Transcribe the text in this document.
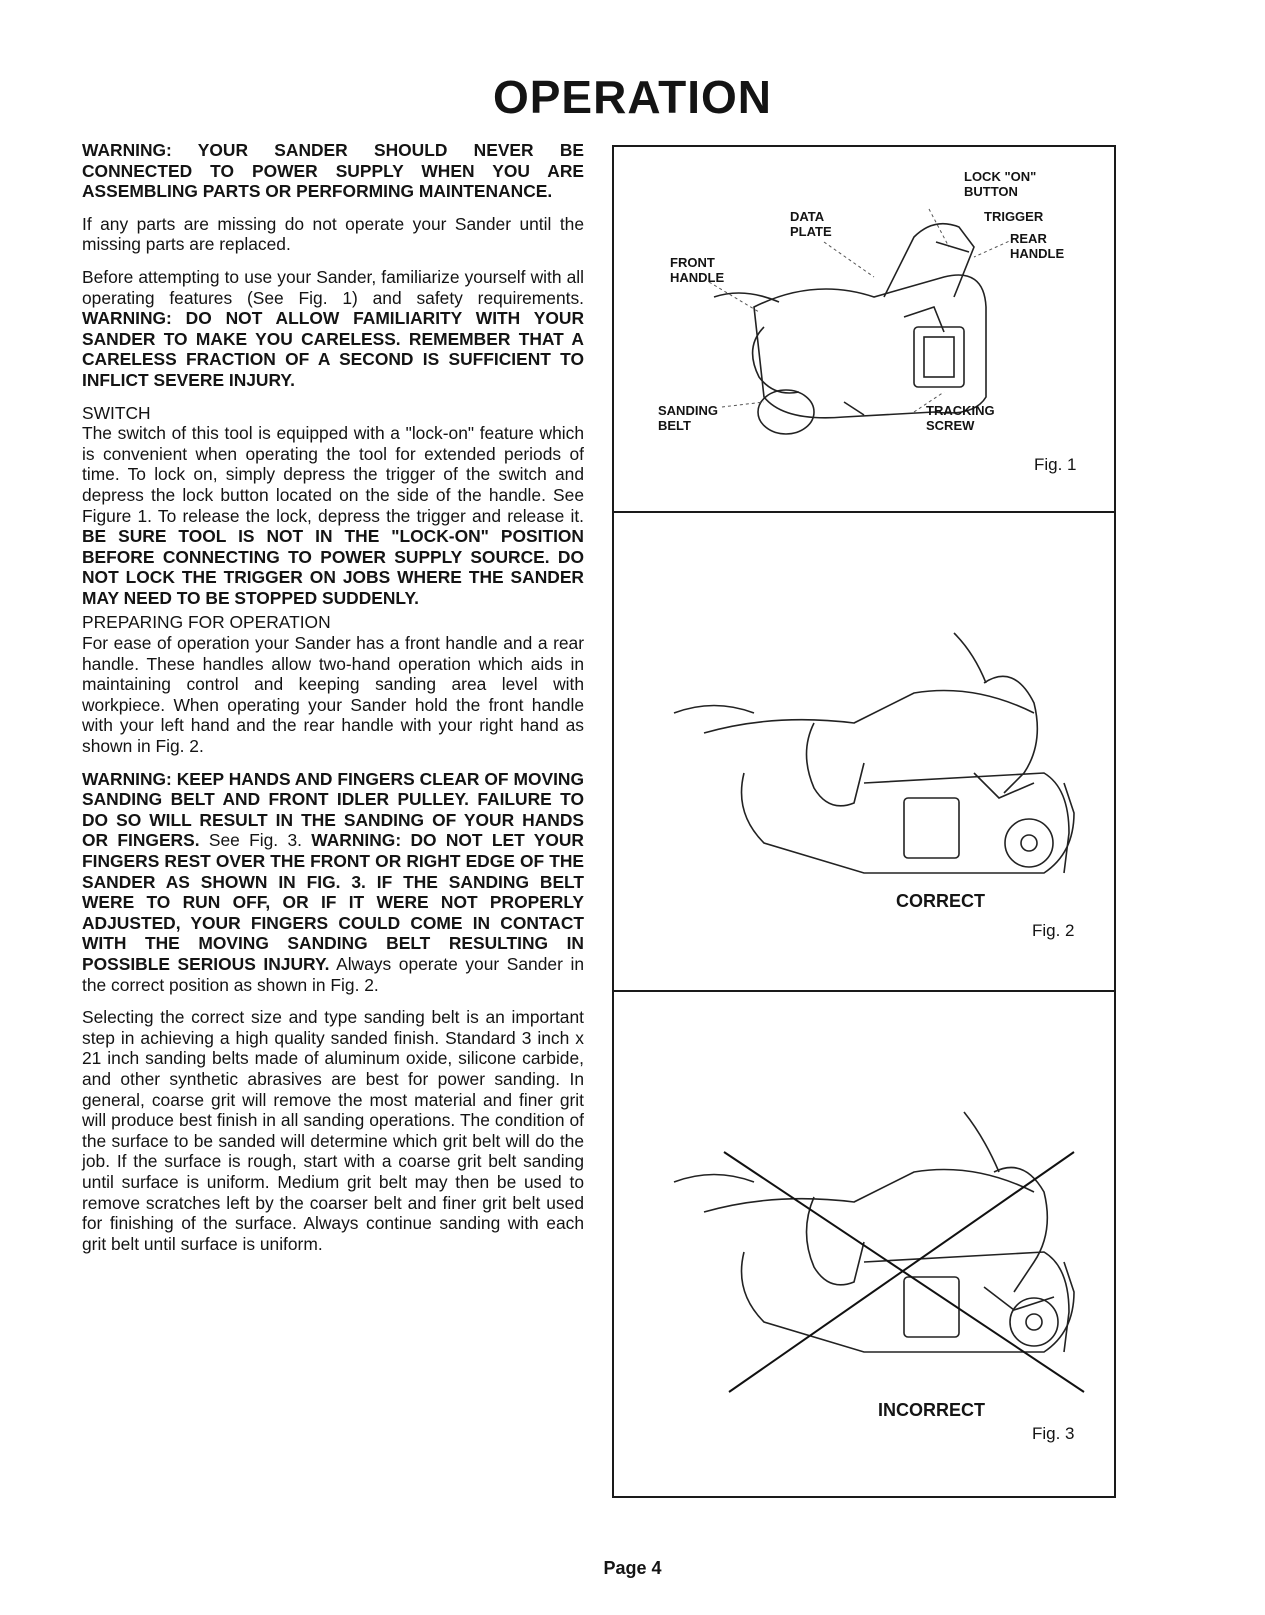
OPERATION

WARNING: YOUR SANDER SHOULD NEVER BE CONNECTED TO POWER SUPPLY WHEN YOU ARE ASSEMBLING PARTS OR PERFORMING MAINTENANCE.

If any parts are missing do not operate your Sander until the missing parts are replaced.

Before attempting to use your Sander, familiarize yourself with all operating features (See Fig. 1) and safety requirements. WARNING: DO NOT ALLOW FAMILIARITY WITH YOUR SANDER TO MAKE YOU CARELESS. REMEMBER THAT A CARELESS FRACTION OF A SECOND IS SUFFICIENT TO INFLICT SEVERE INJURY.

SWITCH

The switch of this tool is equipped with a "lock-on" feature which is convenient when operating the tool for extended periods of time. To lock on, simply depress the trigger of the switch and depress the lock button located on the side of the handle. See Figure 1. To release the lock, depress the trigger and release it. BE SURE TOOL IS NOT IN THE "LOCK-ON" POSITION BEFORE CONNECTING TO POWER SUPPLY SOURCE. DO NOT LOCK THE TRIGGER ON JOBS WHERE THE SANDER MAY NEED TO BE STOPPED SUDDENLY.

PREPARING FOR OPERATION

For ease of operation your Sander has a front handle and a rear handle. These handles allow two-hand operation which aids in maintaining control and keeping sanding area level with workpiece. When operating your Sander hold the front handle with your left hand and the rear handle with your right hand as shown in Fig. 2.

WARNING: KEEP HANDS AND FINGERS CLEAR OF MOVING SANDING BELT AND FRONT IDLER PULLEY. FAILURE TO DO SO WILL RESULT IN THE SANDING OF YOUR HANDS OR FINGERS. See Fig. 3. WARNING: DO NOT LET YOUR FINGERS REST OVER THE FRONT OR RIGHT EDGE OF THE SANDER AS SHOWN IN FIG. 3. IF THE SANDING BELT WERE TO RUN OFF, OR IF IT WERE NOT PROPERLY ADJUSTED, YOUR FINGERS COULD COME IN CONTACT WITH THE MOVING SANDING BELT RESULTING IN POSSIBLE SERIOUS INJURY. Always operate your Sander in the correct position as shown in Fig. 2.

Selecting the correct size and type sanding belt is an important step in achieving a high quality sanded finish. Standard 3 inch x 21 inch sanding belts made of aluminum oxide, silicone carbide, and other synthetic abrasives are best for power sanding. In general, coarse grit will remove the most material and finer grit will produce best finish in all sanding operations. The condition of the surface to be sanded will determine which grit belt will do the job. If the surface is rough, start with a coarse grit belt sanding until surface is uniform. Medium grit belt may then be used to remove scratches left by the coarser belt and finer grit belt used for finishing of the surface. Always continue sanding with each grit belt until surface is uniform.

LOCK "ON"
BUTTON
DATA
PLATE
TRIGGER
REAR
HANDLE
FRONT
HANDLE
SANDING
BELT
TRACKING
SCREW
Fig. 1
CORRECT
Fig. 2
INCORRECT
Fig. 3
Page 4
